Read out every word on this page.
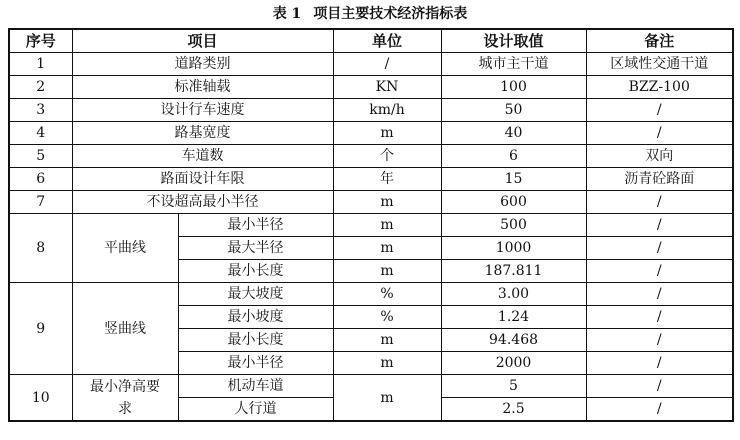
表 1 项目主要技术经济指标表
序号	项目		单位	设计取值	备注
1	道路类别		/	城市主干道	区域性交通干道
2	标准轴载		KN	100	BZZ-100
3	设计行车速度		km/h	50	/
4	路基宽度		m	40	/
5	车道数		个	6	双向
6	路面设计年限		年	15	沥青砼路面
7	不设超高最小半径		m	600	/
8	平曲线	最小半径	m	500	/
		最大半径	m	1000	/
		最小长度	m	187.811	/
9	竖曲线	最大坡度	%	3.00	/
		最小坡度	%	1.24	/
		最小长度	m	94.468	/
		最小半径	m	2000	/
10	最小净高要求	机动车道	m	5	/
		人行道		2.5	/
